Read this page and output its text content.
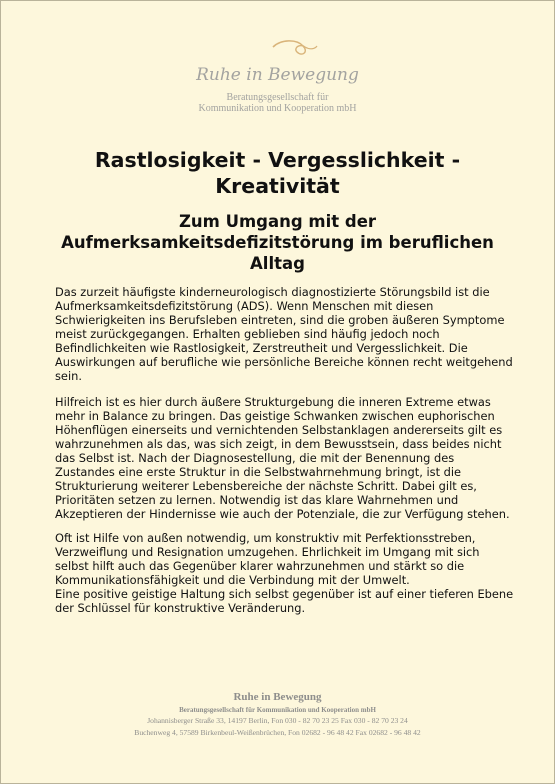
Ruhe in Bewegung
Beratungsgesellschaft für
Kommunikation und Kooperation mbH
Rastlosigkeit - Vergesslichkeit -
Kreativität
Zum Umgang mit der
Aufmerksamkeitsdefizitstörung im beruflichen
Alltag
Das zurzeit häufigste kinderneurologisch diagnostizierte Störungsbild ist die
Aufmerksamkeitsdefizitstörung (ADS). Wenn Menschen mit diesen
Schwierigkeiten ins Berufsleben eintreten, sind die groben äußeren Symptome
meist zurückgegangen. Erhalten geblieben sind häufig jedoch noch
Befindlichkeiten wie Rastlosigkeit, Zerstreutheit und Vergesslichkeit. Die
Auswirkungen auf berufliche wie persönliche Bereiche können recht weitgehend
sein.
Hilfreich ist es hier durch äußere Strukturgebung die inneren Extreme etwas
mehr in Balance zu bringen. Das geistige Schwanken zwischen euphorischen
Höhenflügen einerseits und vernichtenden Selbstanklagen andererseits gilt es
wahrzunehmen als das, was sich zeigt, in dem Bewusstsein, dass beides nicht
das Selbst ist. Nach der Diagnosestellung, die mit der Benennung des
Zustandes eine erste Struktur in die Selbstwahrnehmung bringt, ist die
Strukturierung weiterer Lebensbereiche der nächste Schritt. Dabei gilt es,
Prioritäten setzen zu lernen. Notwendig ist das klare Wahrnehmen und
Akzeptieren der Hindernisse wie auch der Potenziale, die zur Verfügung stehen.
Oft ist Hilfe von außen notwendig, um konstruktiv mit Perfektionsstreben,
Verzweiflung und Resignation umzugehen. Ehrlichkeit im Umgang mit sich
selbst hilft auch das Gegenüber klarer wahrzunehmen und stärkt so die
Kommunikationsfähigkeit und die Verbindung mit der Umwelt.
Eine positive geistige Haltung sich selbst gegenüber ist auf einer tieferen Ebene
der Schlüssel für konstruktive Veränderung.
Ruhe in Bewegung
Beratungsgesellschaft für Kommunikation und Kooperation mbH
Johannisberger Straße 33, 14197 Berlin, Fon 030 - 82 70 23 25 Fax 030 - 82 70 23 24
Buchenweg 4, 57589 Birkenbeul-Weißenbrüchen, Fon 02682 - 96 48 42 Fax 02682 - 96 48 42
